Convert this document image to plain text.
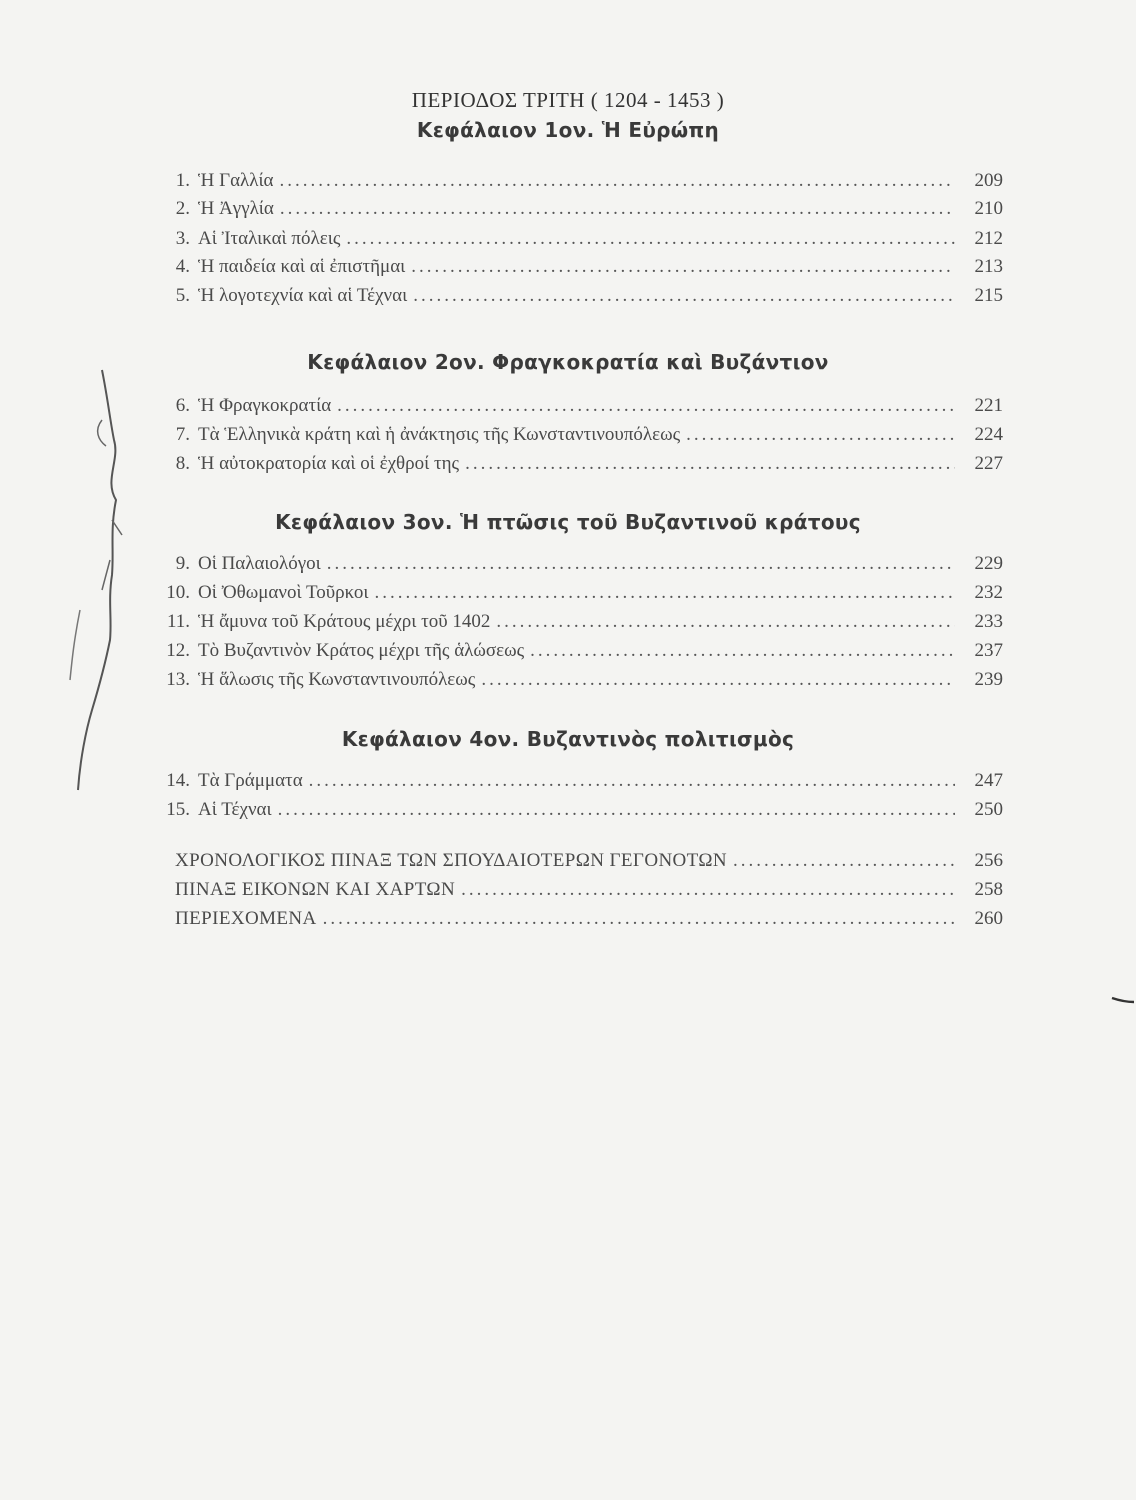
ΠΕΡΙΟΔΟΣ ΤΡΙΤΗ ( 1204 - 1453 )
Κεφάλαιον 1ον. Ἡ Εὐρώπη
1. Ἡ Γαλλία .....	209
2. Ἡ Ἀγγλία .....	210
3. Αἱ Ἰταλικαὶ πόλεις .....	212
4. Ἡ παιδεία καὶ αἱ ἐπιστῆμαι .....	213
5. Ἡ λογοτεχνία καὶ αἱ Τέχναι .....	215
Κεφάλαιον 2ον. Φραγκοκρατία καὶ Βυζάντιον
6. Ἡ Φραγκοκρατία .....	221
7. Τὰ Ἑλληνικὰ κράτη καὶ ἡ ἀνάκτησις τῆς Κωνσταντινουπόλεως .....	224
8. Ἡ αὐτοκρατορία καὶ οἱ ἐχθροί της .....	227
Κεφάλαιον 3ον. Ἡ πτῶσις τοῦ Βυζαντινοῦ κράτους
9. Οἱ Παλαιολόγοι .....	229
10. Οἱ Ὀθωμανοὶ Τοῦρκοι .....	232
11. Ἡ ἄμυνα τοῦ Κράτους μέχρι τοῦ 1402 .....	233
12. Τὸ Βυζαντινὸν Κράτος μέχρι τῆς ἁλώσεως .....	237
13. Ἡ ἅλωσις τῆς Κωνσταντινουπόλεως .....	239
Κεφάλαιον 4ον. Βυζαντινὸς πολιτισμὸς
14. Τὰ Γράμματα .....	247
15. Αἱ Τέχναι .....	250
ΧΡΟΝΟΛΟΓΙΚΟΣ ΠΙΝΑΞ ΤΩΝ ΣΠΟΥΔΑΙΟΤΕΡΩΝ ΓΕΓΟΝΟΤΩΝ .....	256
ΠΙΝΑΞ ΕΙΚΟΝΩΝ ΚΑΙ ΧΑΡΤΩΝ .....	258
ΠΕΡΙΕΧΟΜΕΝΑ .....	260
